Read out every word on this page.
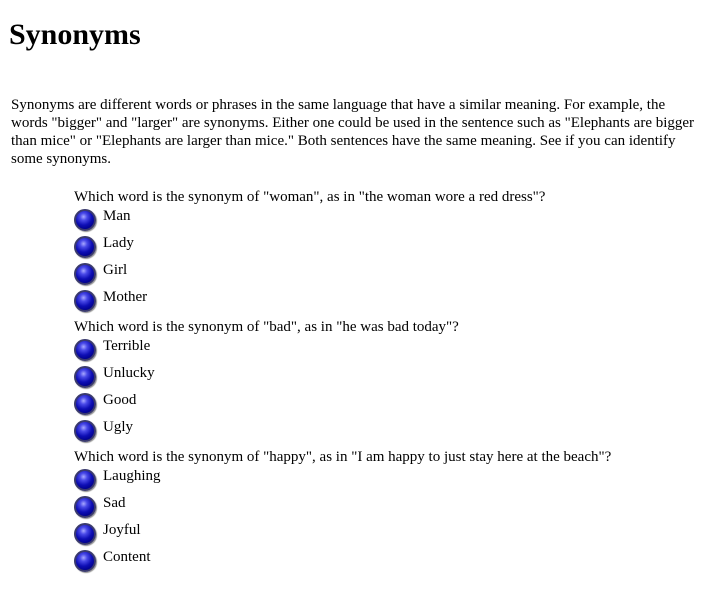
Synonyms

Synonyms are different words or phrases in the same language that have a similar meaning. For example, the words "bigger" and "larger" are synonyms. Either one could be used in the sentence such as "Elephants are bigger than mice" or "Elephants are larger than mice." Both sentences have the same meaning. See if you can identify some synonyms.

Which word is the synonym of "woman", as in "the woman wore a red dress"?
Man
Lady
Girl
Mother
Which word is the synonym of "bad", as in "he was bad today"?
Terrible
Unlucky
Good
Ugly
Which word is the synonym of "happy", as in "I am happy to just stay here at the beach"?
Laughing
Sad
Joyful
Content
